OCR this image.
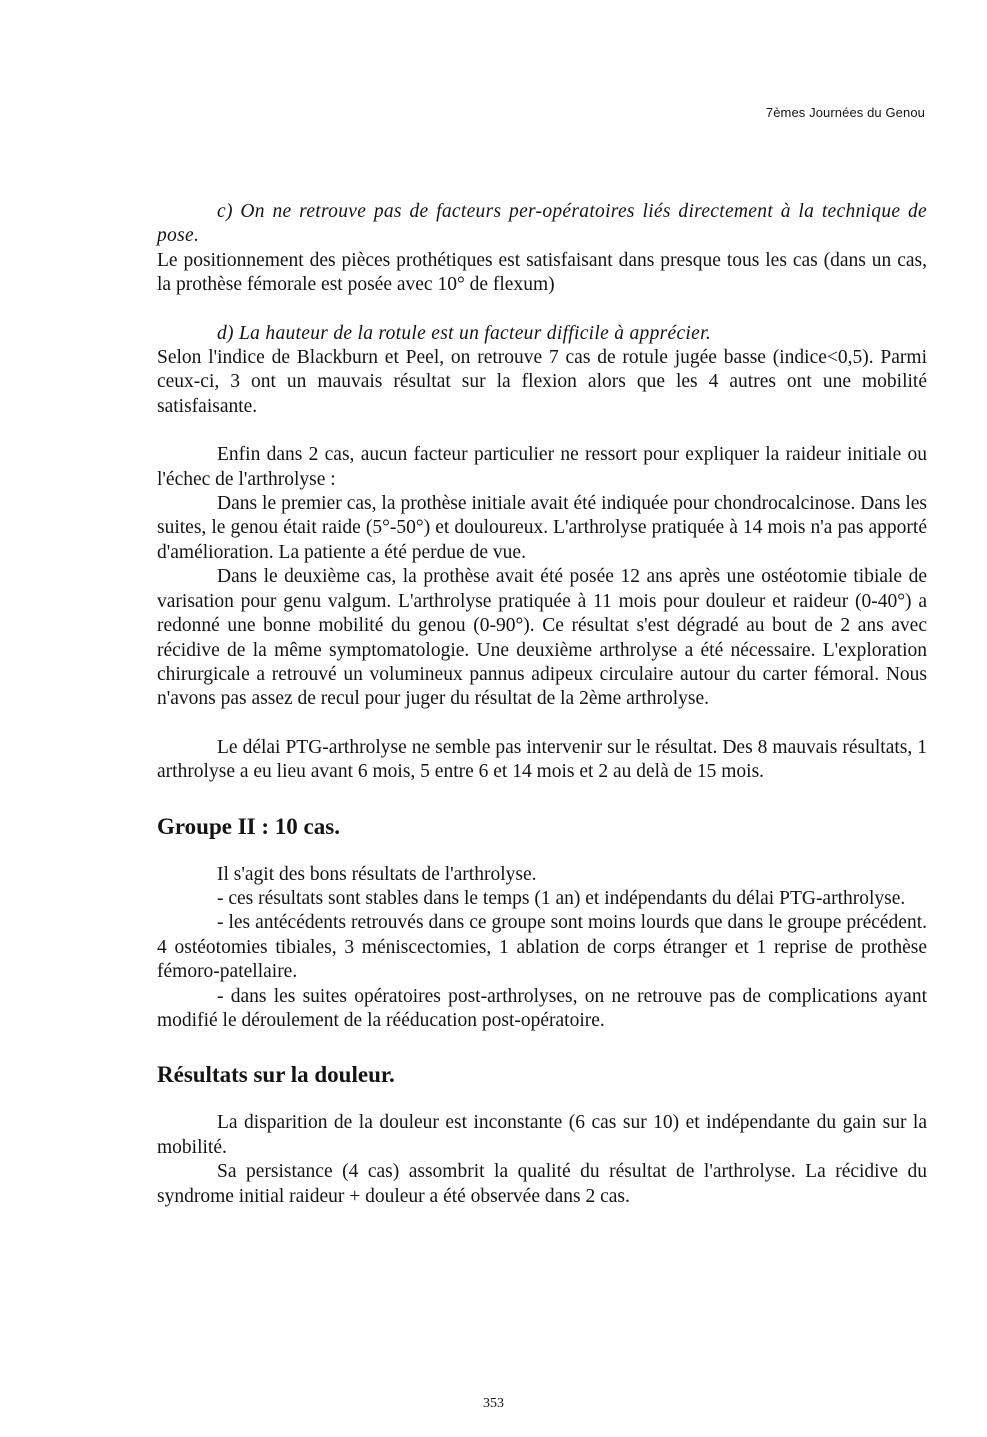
7èmes Journées du Genou

c) On ne retrouve pas de facteurs per-opératoires liés directement à la technique de pose.

Le positionnement des pièces prothétiques est satisfaisant dans presque tous les cas (dans un cas, la prothèse fémorale est posée avec 10° de flexum)

d) La hauteur de la rotule est un facteur difficile à apprécier.

Selon l'indice de Blackburn et Peel, on retrouve 7 cas de rotule jugée basse (indice<0,5). Parmi ceux-ci, 3 ont un mauvais résultat sur la flexion alors que les 4 autres ont une mobilité satisfaisante.

Enfin dans 2 cas, aucun facteur particulier ne ressort pour expliquer la raideur initiale ou l'échec de l'arthrolyse :

Dans le premier cas, la prothèse initiale avait été indiquée pour chondrocalcinose. Dans les suites, le genou était raide (5°-50°) et douloureux. L'arthrolyse pratiquée à 14 mois n'a pas apporté d'amélioration. La patiente a été perdue de vue.

Dans le deuxième cas, la prothèse avait été posée 12 ans après une ostéotomie tibiale de varisation pour genu valgum. L'arthrolyse pratiquée à 11 mois pour douleur et raideur (0-40°) a redonné une bonne mobilité du genou (0-90°). Ce résultat s'est dégradé au bout de 2 ans avec récidive de la même symptomatologie. Une deuxième arthrolyse a été nécessaire. L'exploration chirurgicale a retrouvé un volumineux pannus adipeux circulaire autour du carter fémoral. Nous n'avons pas assez de recul pour juger du résultat de la 2ème arthrolyse.

Le délai PTG-arthrolyse ne semble pas intervenir sur le résultat. Des 8 mauvais résultats, 1 arthrolyse a eu lieu avant 6 mois, 5 entre 6 et 14 mois et 2 au delà de 15 mois.

Groupe II : 10 cas.

Il s'agit des bons résultats de l'arthrolyse.

- ces résultats sont stables dans le temps (1 an) et indépendants du délai PTG-arthrolyse.

- les antécédents retrouvés dans ce groupe sont moins lourds que dans le groupe précédent. 4 ostéotomies tibiales, 3 méniscectomies, 1 ablation de corps étranger et 1 reprise de prothèse fémoro-patellaire.

- dans les suites opératoires post-arthrolyses, on ne retrouve pas de complications ayant modifié le déroulement de la rééducation post-opératoire.

Résultats sur la douleur.

La disparition de la douleur est inconstante (6 cas sur 10) et indépendante du gain sur la mobilité.

Sa persistance (4 cas) assombrit la qualité du résultat de l'arthrolyse. La récidive du syndrome initial raideur + douleur a été observée dans 2 cas.

353
